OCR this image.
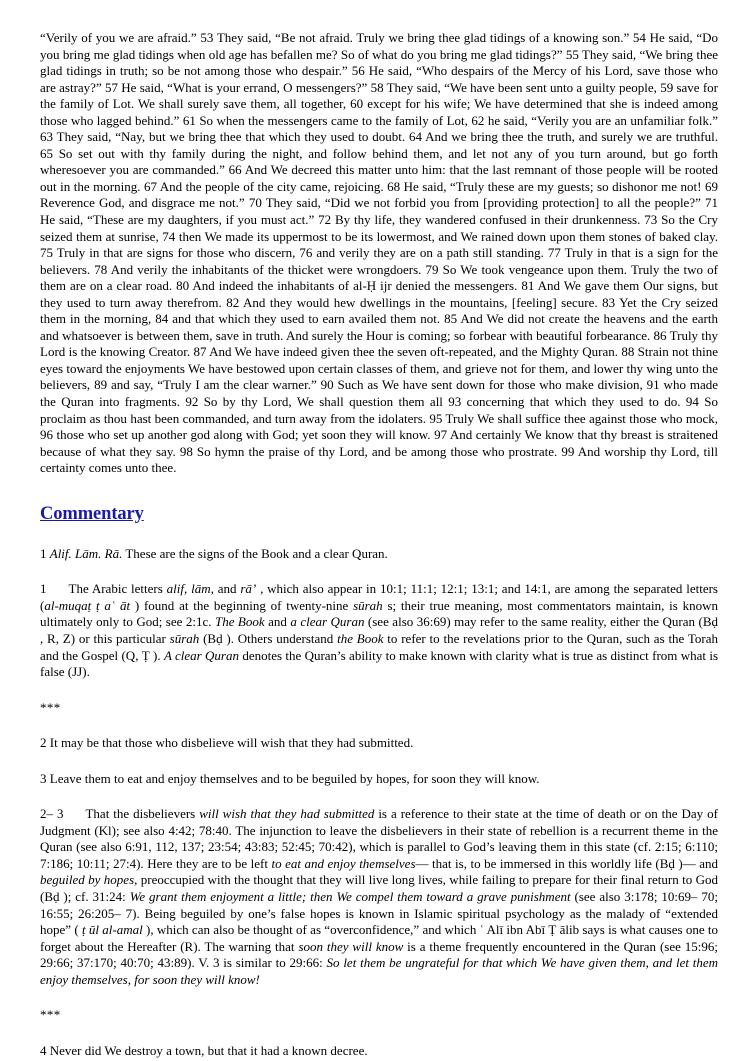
“Verily of you we are afraid.” 53 They said, “Be not afraid. Truly we bring thee glad tidings of a knowing son.” 54 He said, “Do you bring me glad tidings when old age has befallen me? So of what do you bring me glad tidings?” 55 They said, “We bring thee glad tidings in truth; so be not among those who despair.” 56 He said, “Who despairs of the Mercy of his Lord, save those who are astray?” 57 He said, “What is your errand, O messengers?” 58 They said, “We have been sent unto a guilty people, 59 save for the family of Lot. We shall surely save them, all together, 60 except for his wife; We have determined that she is indeed among those who lagged behind.” 61 So when the messengers came to the family of Lot, 62 he said, “Verily you are an unfamiliar folk.” 63 They said, “Nay, but we bring thee that which they used to doubt. 64 And we bring thee the truth, and surely we are truthful. 65 So set out with thy family during the night, and follow behind them, and let not any of you turn around, but go forth wheresoever you are commanded.” 66 And We decreed this matter unto him: that the last remnant of those people will be rooted out in the morning. 67 And the people of the city came, rejoicing. 68 He said, “Truly these are my guests; so dishonor me not! 69 Reverence God, and disgrace me not.” 70 They said, “Did we not forbid you from [providing protection] to all the people?” 71 He said, “These are my daughters, if you must act.” 72 By thy life, they wandered confused in their drunkenness. 73 So the Cry seized them at sunrise, 74 then We made its uppermost to be its lowermost, and We rained down upon them stones of baked clay. 75 Truly in that are signs for those who discern, 76 and verily they are on a path still standing. 77 Truly in that is a sign for the believers. 78 And verily the inhabitants of the thicket were wrongdoers. 79 So We took vengeance upon them. Truly the two of them are on a clear road. 80 And indeed the inhabitants of al-Ḥ ijr denied the messengers. 81 And We gave them Our signs, but they used to turn away therefrom. 82 And they would hew dwellings in the mountains, [feeling] secure. 83 Yet the Cry seized them in the morning, 84 and that which they used to earn availed them not. 85 And We did not create the heavens and the earth and whatsoever is between them, save in truth. And surely the Hour is coming; so forbear with beautiful forbearance. 86 Truly thy Lord is the knowing Creator. 87 And We have indeed given thee the seven oft-repeated, and the Mighty Quran. 88 Strain not thine eyes toward the enjoyments We have bestowed upon certain classes of them, and grieve not for them, and lower thy wing unto the believers, 89 and say, “Truly I am the clear warner.” 90 Such as We have sent down for those who make division, 91 who made the Quran into fragments. 92 So by thy Lord, We shall question them all 93 concerning that which they used to do. 94 So proclaim as thou hast been commanded, and turn away from the idolaters. 95 Truly We shall suffice thee against those who mock, 96 those who set up another god along with God; yet soon they will know. 97 And certainly We know that thy breast is straitened because of what they say. 98 So hymn the praise of thy Lord, and be among those who prostrate. 99 And worship thy Lord, till certainty comes unto thee.

Commentary

1 Alif. Lām. Rā. These are the signs of the Book and a clear Quran.

1 The Arabic letters alif, lām, and rāʼ , which also appear in 10:1; 11:1; 12:1; 13:1; and 14:1, are among the separated letters (al-muqaṭ ṭ aʿ āt ) found at the beginning of twenty-nine sūrah s; their true meaning, most commentators maintain, is known ultimately only to God; see 2:1c. The Book and a clear Quran (see also 36:69) may refer to the same reality, either the Quran (Bḍ , R, Z) or this particular sūrah (Bḍ ). Others understand the Book to refer to the revelations prior to the Quran, such as the Torah and the Gospel (Q, Ṭ ). A clear Quran denotes the Quran’s ability to make known with clarity what is true as distinct from what is false (JJ).

***

2 It may be that those who disbelieve will wish that they had submitted.

3 Leave them to eat and enjoy themselves and to be beguiled by hopes, for soon they will know.

2– 3 That the disbelievers will wish that they had submitted is a reference to their state at the time of death or on the Day of Judgment (Kl); see also 4:42; 78:40. The injunction to leave the disbelievers in their state of rebellion is a recurrent theme in the Quran (see also 6:91, 112, 137; 23:54; 43:83; 52:45; 70:42), which is parallel to God’s leaving them in this state (cf. 2:15; 6:110; 7:186; 10:11; 27:4). Here they are to be left to eat and enjoy themselves— that is, to be immersed in this worldly life (Bḍ )— and beguiled by hopes, preoccupied with the thought that they will live long lives, while failing to prepare for their final return to God (Bḍ ); cf. 31:24: We grant them enjoyment a little; then We compel them toward a grave punishment (see also 3:178; 10:69– 70; 16:55; 26:205– 7). Being beguiled by one’s false hopes is known in Islamic spiritual psychology as the malady of “extended hope” ( ṭ ūl al-amal ), which can also be thought of as “overconfidence,” and which ʿ Alī ibn Abī Ṭ ālib says is what causes one to forget about the Hereafter (R). The warning that soon they will know is a theme frequently encountered in the Quran (see 15:96; 29:66; 37:170; 40:70; 43:89). V. 3 is similar to 29:66: So let them be ungrateful for that which We have given them, and let them enjoy themselves, for soon they will know!

***

4 Never did We destroy a town, but that it had a known decree.
